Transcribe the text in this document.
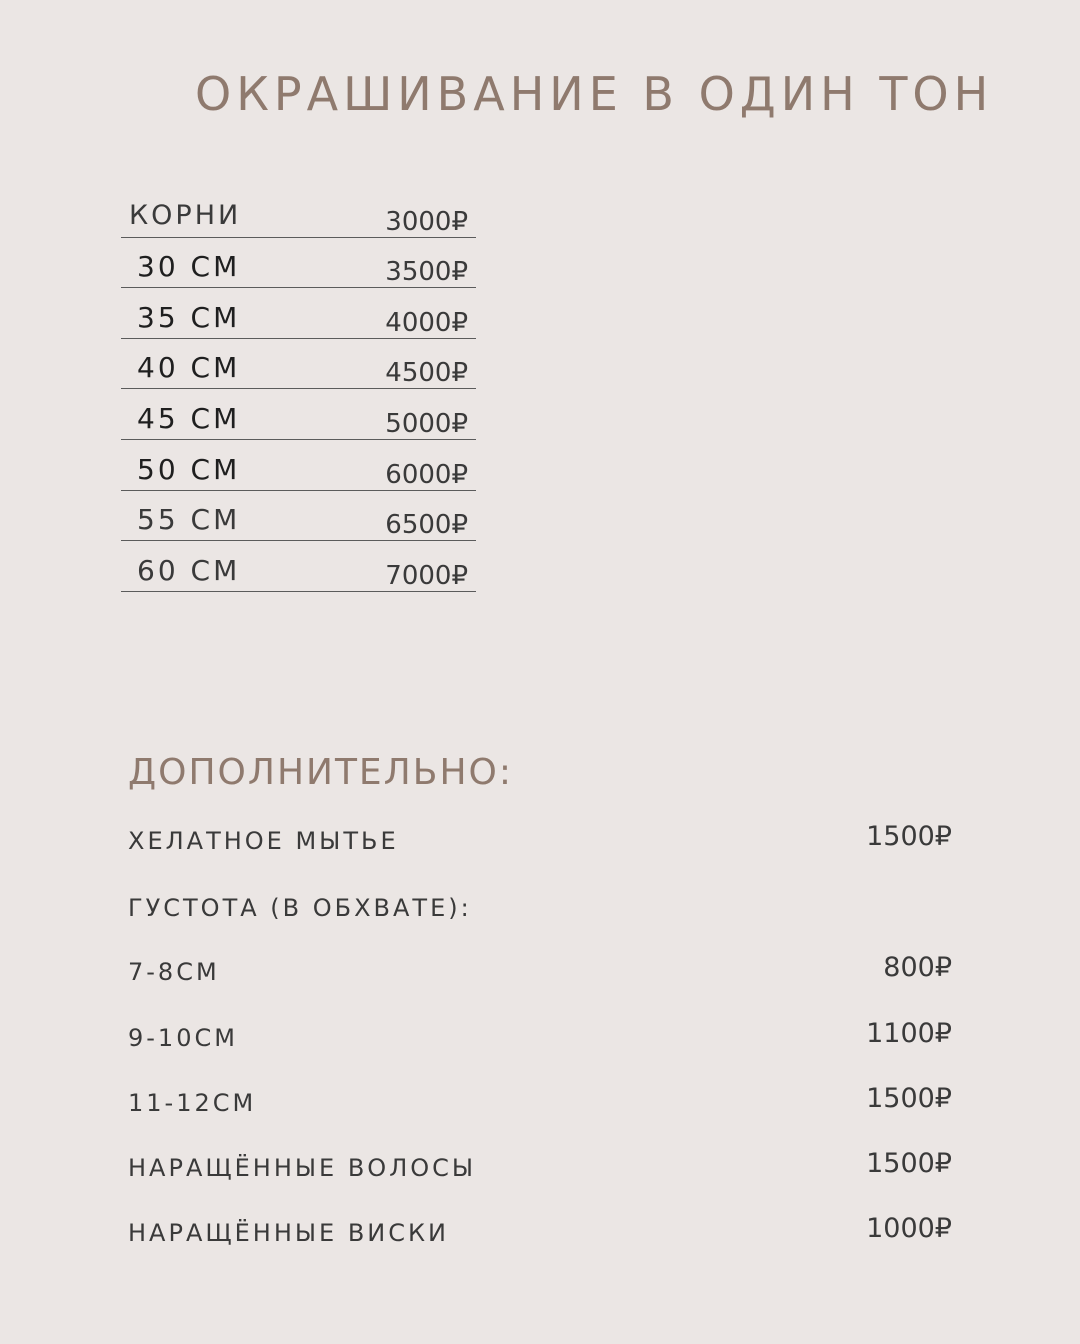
ОКРАШИВАНИЕ В ОДИН ТОН
КОРНИ	3000₽
30 СМ	3500₽
35 СМ	4000₽
40 СМ	4500₽
45 СМ	5000₽
50 СМ	6000₽
55 СМ	6500₽
60 СМ	7000₽
ДОПОЛНИТЕЛЬНО:
ХЕЛАТНОЕ МЫТЬЕ	1500₽
ГУСТОТА (В ОБХВАТЕ):
7-8СМ	800₽
9-10СМ	1100₽
11-12СМ	1500₽
НАРАЩЁННЫЕ ВОЛОСЫ	1500₽
НАРАЩЁННЫЕ ВИСКИ	1000₽
